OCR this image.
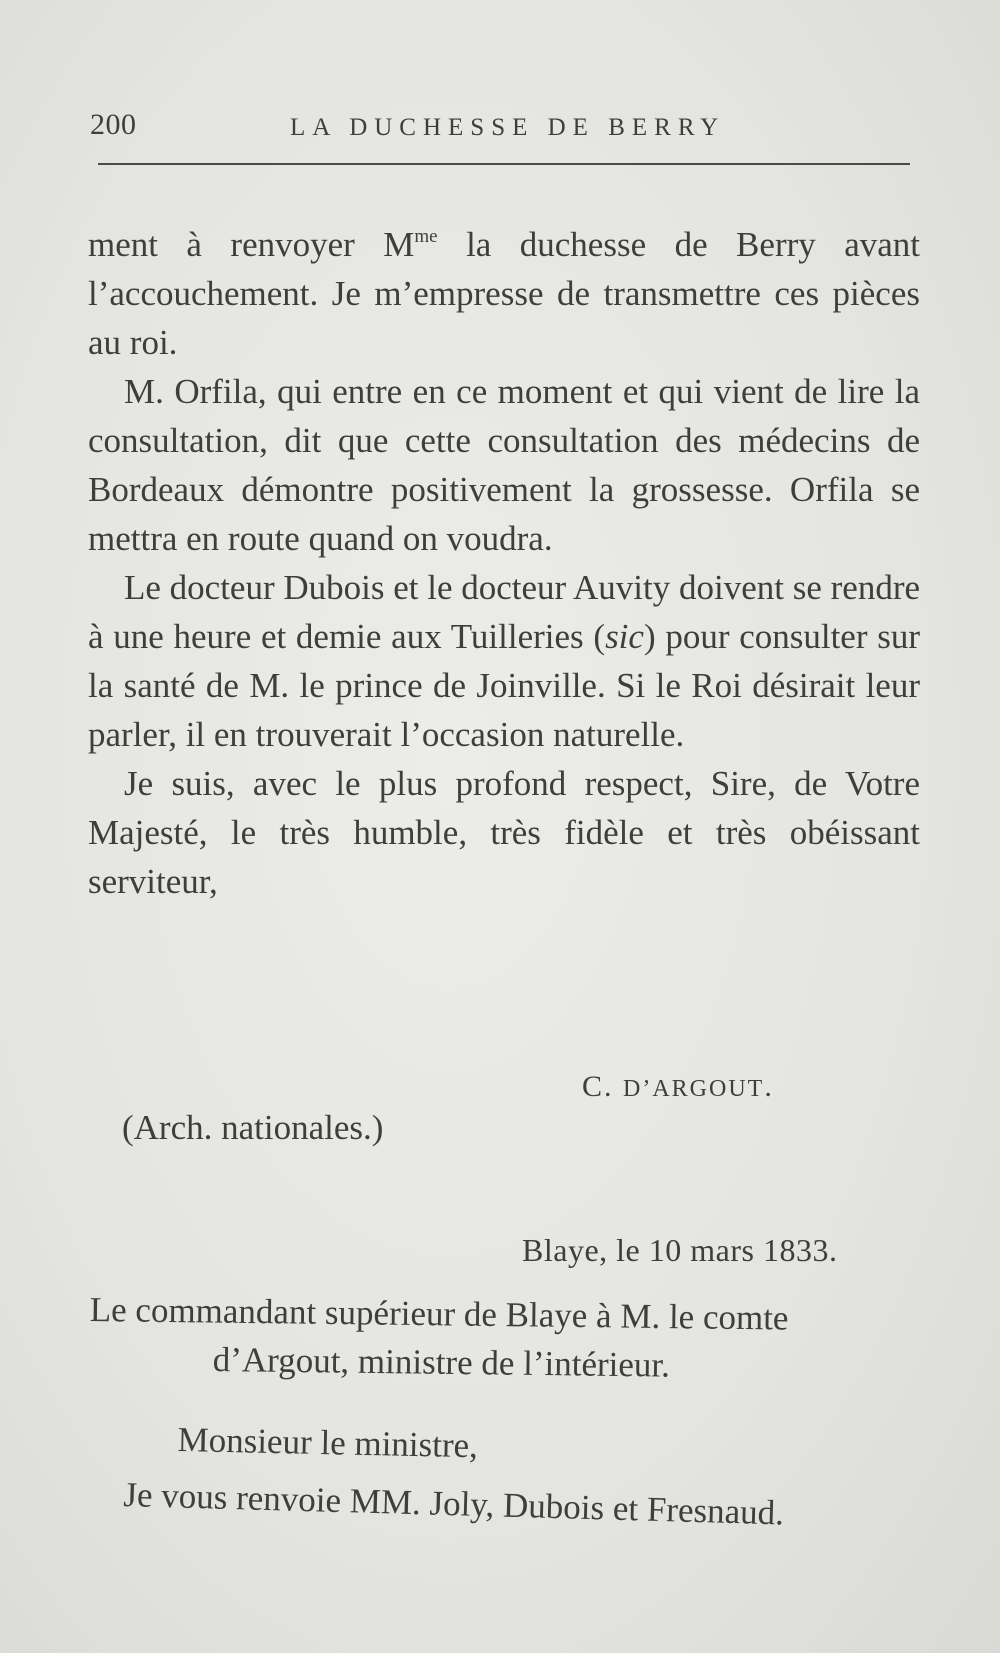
200	LA DUCHESSE DE BERRY

ment à renvoyer $M^{me}$ la duchesse de Berry avant l’accouchement. Je m’empresse de transmettre ces pièces au roi.

M. Orfila, qui entre en ce moment et qui vient de lire la consultation, dit que cette consultation des médecins de Bordeaux démontre positivement la grossesse. Orfila se mettra en route quand on voudra.

Le docteur Dubois et le docteur Auvity doivent se rendre à une heure et demie aux Tuilleries (sic) pour consulter sur la santé de M. le prince de Joinville. Si le Roi désirait leur parler, il en trouverait l’occasion naturelle.

Je suis, avec le plus profond respect, Sire, de Votre Majesté, le très humble, très fidèle et très obéissant serviteur,

C. D’ARGOUT.
(Arch. nationales.)
Blaye, le 10 mars 1833.
Le commandant supérieur de Blaye à M. le comte
d’Argout, ministre de l’intérieur.
Monsieur le ministre,
Je vous renvoie MM. Joly, Dubois et Fresnaud.
